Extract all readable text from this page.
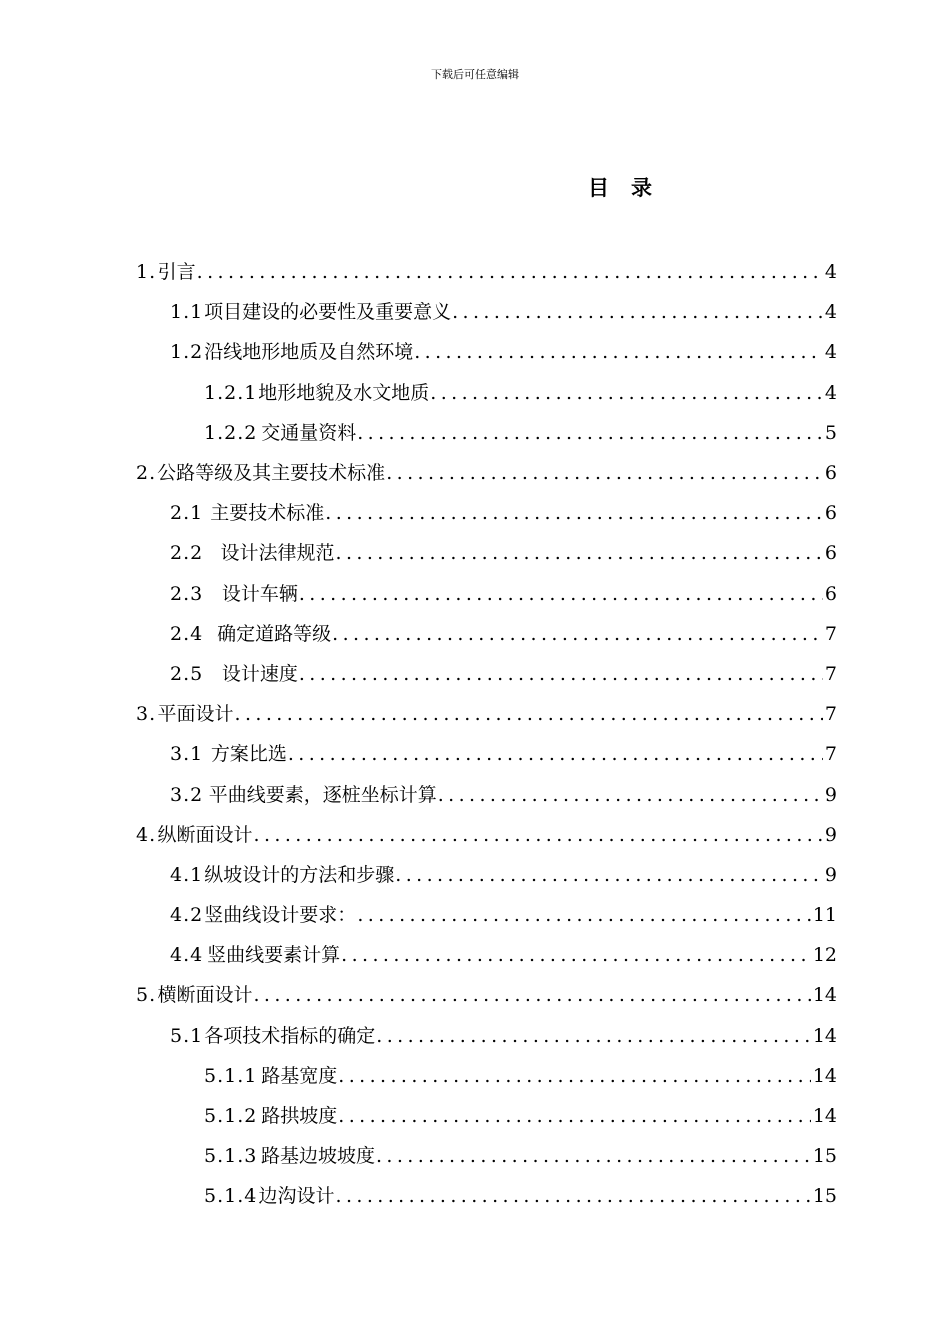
下载后可任意编辑
目录
1. 引言 .....	4
1.1 项目建设的必要性及重要意义 .....	4
1.2 沿线地形地质及自然环境 .....	4
1.2.1 地形地貌及水文地质 .....	4
1.2.2 交通量资料 .....	5
2. 公路等级及其主要技术标准 .....	6
2.1 主要技术标准 .....	6
2.2 设计法律规范 .....	6
2.3 设计车辆 .....	6
2.4 确定道路等级 .....	7
2.5 设计速度 .....	7
3. 平面设计 .....	7
3.1 方案比选 .....	7
3.2 平曲线要素，逐桩坐标计算 .....	9
4. 纵断面设计 .....	9
4.1 纵坡设计的方法和步骤 .....	9
4.2 竖曲线设计要求： .....	11
4.4 竖曲线要素计算 .....	12
5. 横断面设计 .....	14
5.1 各项技术指标的确定 .....	14
5.1.1 路基宽度 .....	14
5.1.2 路拱坡度 .....	14
5.1.3 路基边坡坡度 .....	15
5.1.4 边沟设计 .....	15
